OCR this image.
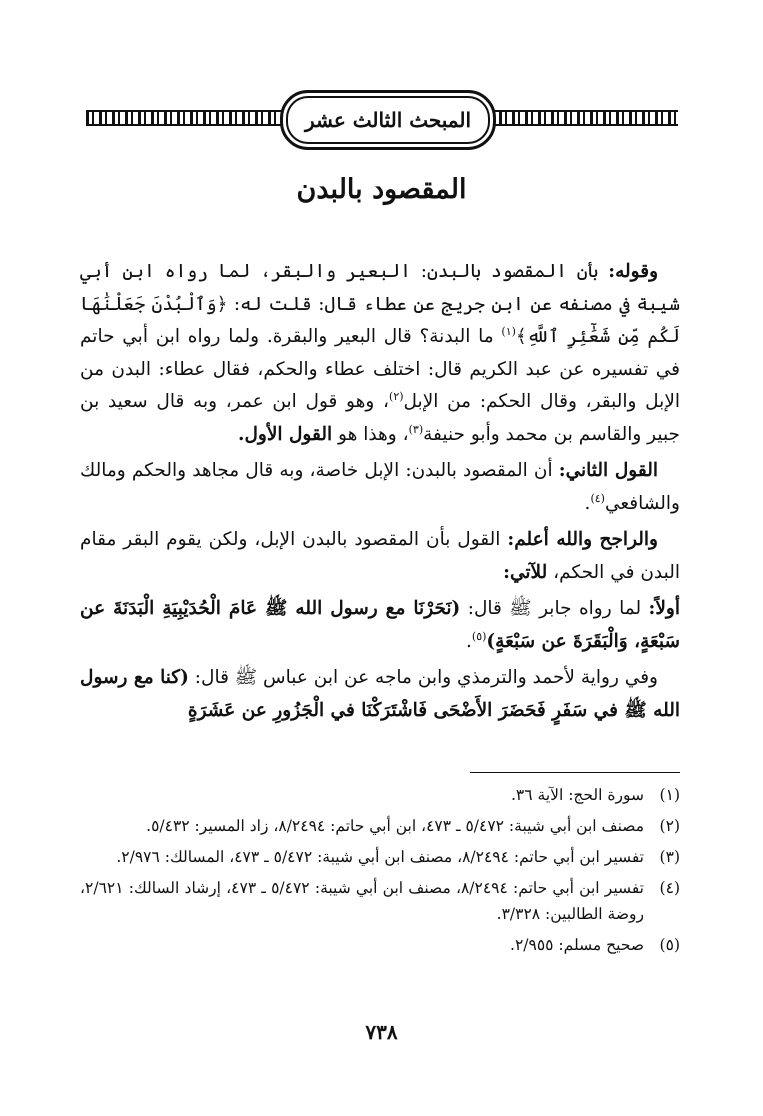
المبحث الثالث عشر
المقصود بالبدن

وقوله: بأن المقصود بالبدن: البعير والبقر، لما رواه ابن أبي شيبة في مصنفه عن ابن جريج عن عطاء قال: قلت له: ﴿وَٱلْبُدْنَ جَعَلْنَٰهَا لَكُم مِّن شَعَٰٓئِرِ ٱللَّهِ﴾$^{(١)}$ ما البدنة؟ قال البعير والبقرة. ولما رواه ابن أبي حاتم في تفسيره عن عبد الكريم قال: اختلف عطاء والحكم، فقال عطاء: البدن من الإبل والبقر، وقال الحكم: من الإبل$^{(٢)}$، وهو قول ابن عمر، وبه قال سعيد بن جبير والقاسم بن محمد وأبو حنيفة$^{(٣)}$، وهذا هو القول الأول.

القول الثاني: أن المقصود بالبدن: الإبل خاصة، وبه قال مجاهد والحكم ومالك والشافعي$^{(٤)}$.

والراجح والله أعلم: القول بأن المقصود بالبدن الإبل، ولكن يقوم البقر مقام البدن في الحكم، للآتي:

أولاً: لما رواه جابر ﷺ قال: (نَحَرْنَا مع رسول الله ﷺ عَامَ الْحُدَيْبِيَةِ الْبَدَنَةَ عن سَبْعَةٍ، وَالْبَقَرَةَ عن سَبْعَةٍ)$^{(٥)}$.

وفي رواية لأحمد والترمذي وابن ماجه عن ابن عباس ﷺ قال: (كنا مع رسول الله ﷺ في سَفَرٍ فَحَضَرَ الأَضْحَى فَاشْتَرَكْنَا في الْجَزُورِ عن عَشَرَةٍ

(١)
سورة الحج: الآية ٣٦.
(٢)
مصنف ابن أبي شيبة: ٥/٤٧٢ ـ ٤٧٣، ابن أبي حاتم: ٨/٢٤٩٤، زاد المسير: ٥/٤٣٢.
(٣)
تفسير ابن أبي حاتم: ٨/٢٤٩٤، مصنف ابن أبي شيبة: ٥/٤٧٢ ـ ٤٧٣، المسالك: ٢/٩٧٦.
(٤)
تفسير ابن أبي حاتم: ٨/٢٤٩٤، مصنف ابن أبي شيبة: ٥/٤٧٢ ـ ٤٧٣، إرشاد السالك: ٢/٦٢١، روضة الطالبين: ٣/٣٢٨.
(٥)
صحيح مسلم: ٢/٩٥٥.
٧٣٨
